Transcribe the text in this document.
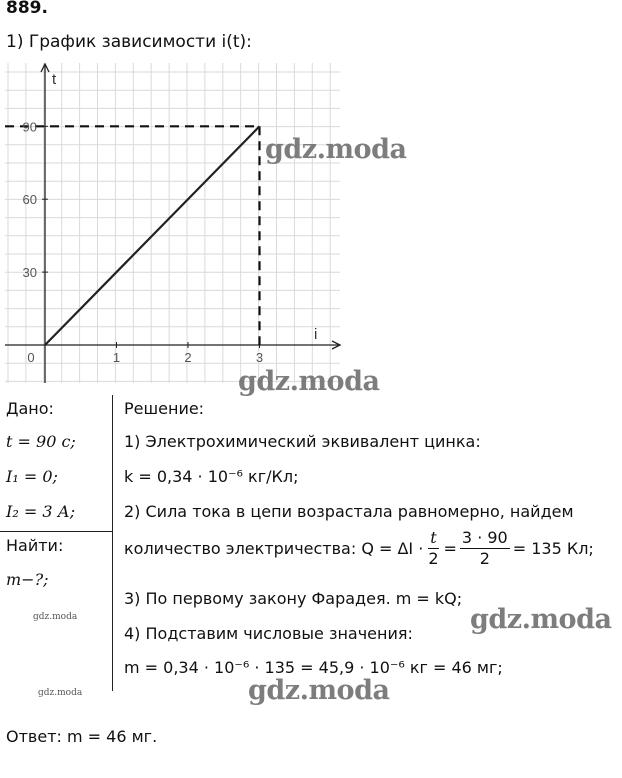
889.
1) График зависимости i(t):
0	1	2	3
30
60
90
t
i
Дано:
t = 90 с;
I₁ = 0;
I₂ = 3 А;
Найти:
m−?;
Решение:
1) Электрохимический эквивалент цинка:
k = 0,34 · 10⁻⁶ кг/Кл;
2) Сила тока в цепи возрастала равномерно, найдем
количество электричества: $Q = \Delta I \cdot \frac{t}{2} = \frac{3 \cdot 90}{2} = 135$ Кл;
3) По первому закону Фарадея. m = kQ;
4) Подставим числовые значения:
m = 0,34 · 10⁻⁶ · 135 = 45,9 · 10⁻⁶ кг = 46 мг;
Ответ: m = 46 мг.
gdz.moda
gdz.moda
gdz.moda
gdz.moda
gdz.moda
gdz.moda
